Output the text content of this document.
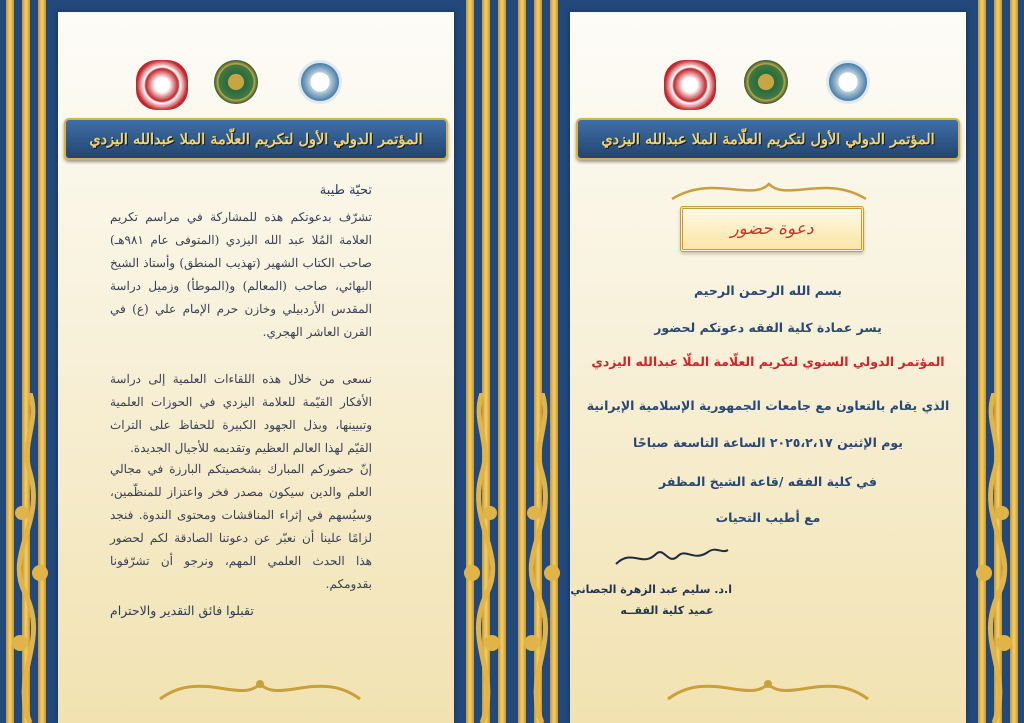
المؤتمر الدولي الأول لتكريم العلّامة الملا عبدالله اليزدي
تحيّة طيبة
تشرّف بدعوتكم هذه للمشاركة في مراسم تكريم العلامة المُلا عبد الله اليزدي (المتوفى عام ٩٨١هـ) صاحب الكتاب الشهير (تهذيب المنطق) وأستاذ الشيخ البهائي، صاحب (المعالم) و(الموطأ) وزميل دراسة المقدس الأردبيلي وخازن حرم الإمام علي (ع) في القرن العاشر الهجري.
نسعى من خلال هذه اللقاءات العلمية إلى دراسة الأفكار القيّمة للعلامة اليزدي في الحوزات العلمية وتبيينها، وبذل الجهود الكبيرة للحفاظ على التراث القيّم لهذا العالم العظيم وتقديمه للأجيال الجديدة.
إنّ حضوركم المبارك بشخصيتكم البارزة في مجالي العلم والدين سيكون مصدر فخر واعتزاز للمنظّمين، وسيُسهم في إثراء المناقشات ومحتوى الندوة. فنجد لزامًا علينا أن نعبّر عن دعوتنا الصادقة لكم لحضور هذا الحدث العلمي المهم، ونرجو أن تشرّفونا بقدومكم.
تقبلوا فائق التقدير والاحترام
المؤتمر الدولي الأول لتكريم العلّامة الملا عبدالله اليزدي
دعوة حضور
بسم الله الرحمن الرحيم
يسر عمادة كلية الفقه دعوتكم لحضور
المؤتمر الدولي السنوي لتكريم العلّامة الملّا عبدالله اليزدي
الذي يقام بالتعاون مع جامعات الجمهورية الإسلامية الإيرانية
يوم الإثنين ٢٠٢٥،٢،١٧ الساعة التاسعة صباحًا
في كلية الفقه /قاعة الشيخ المظفر
مع أطيب التحيات
ا.د. سليم عبد الزهرة الجصاني
عميد كلية الفقــه
